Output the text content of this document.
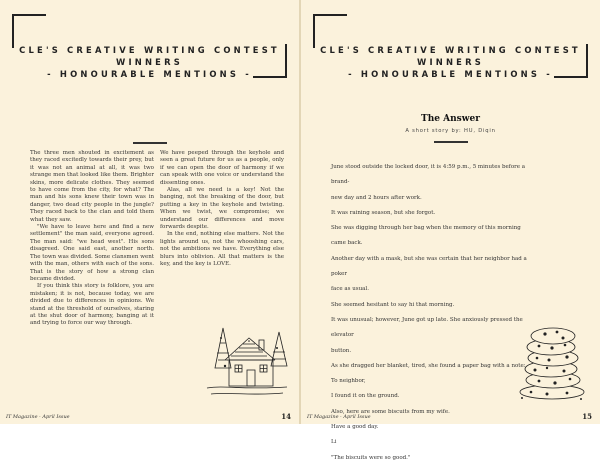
CLE'S CREATIVE WRITING CONTEST
WINNERS
- HONOURABLE MENTIONS -

The three men shouted in excitement as they raced excitedly towards their prey, but it was not an animal at all, it was two strange men that looked like them. Brighter skins, more delicate clothes. They seemed to have come from the city, for what? The man and his sons knew their town was in danger, two dead city people in the jungle? They raced back to the clan and told them what they saw.

"We have to leave here and find a new settlement" the man said, everyone agreed. The man said: "we head west". His sons disagreed. One said east, another north. The town was divided. Some clansmen went with the man, others with each of the sons. That is the story of how a strong clan became divided.

If you think this story is folklore, you are mistaken; it is not, because today, we are divided due to differences in opinions. We stand at the threshold of ourselves, staring at the shut door of harmony, banging at it and trying to force our way through.

We have peeped through the keyhole and seen a great future for us as a people, only if we can open the door of harmony if we can speak with one voice or understand the dissenting ones.

Alas, all we need is a key! Not the banging, not the breaking of the door, but putting a key in the keyhole and twisting. When we twist, we compromise; we understand our differences and move forwards despite.

In the end, nothing else matters. Not the lights around us, not the whooshing cars, not the ambitions we have. Everything else blurs into oblivion. All that matters is the key, and the key is LOVE.

IT Magazine · April Issue	14
CLE'S CREATIVE WRITING CONTEST
WINNERS
- HONOURABLE MENTIONS -
The Answer
A short story by: HU, Diqin

June stood outside the locked door, it is 4:59 p.m., 5 minutes before a brand-

new day and 2 hours after work.

It was raining season, but she forgot.

She was digging through her bag when the memory of this morning came back.

Another day with a mask, but she was certain that her neighbor had a poker

face as usual.

She seemed hesitant to say hi that morning.

It was unusual; however, June got up late. She anxiously pressed the elevator

button.

As she dragged her blanket, tired, she found a paper bag with a note:

To neighbor,

I found it on the ground.

Also, here are some biscuits from my wife.

Have a good day.

Li

"The biscuits were so good."

IT Magazine · April Issue	15
